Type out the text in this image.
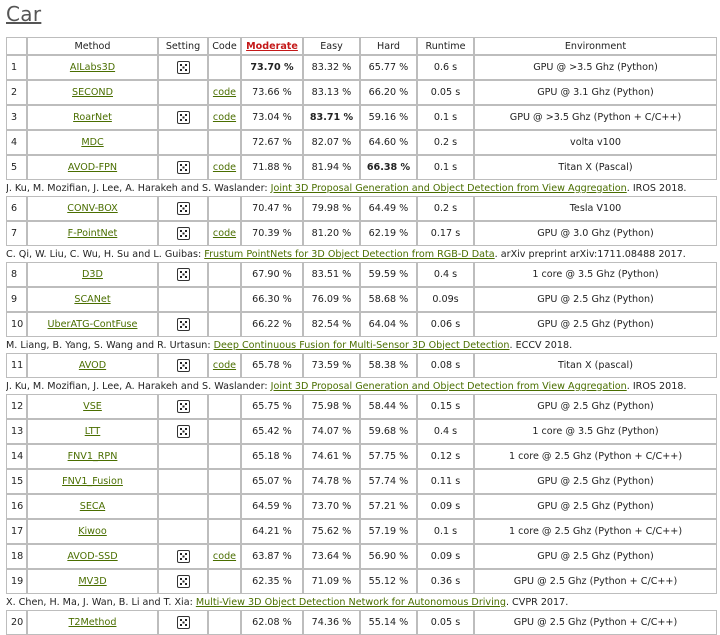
Car
	Method	Setting	Code	Moderate	Easy	Hard	Runtime	Environment
1	AILabs3D			73.70 %	83.32 %	65.77 %	0.6 s	GPU @ >3.5 Ghz (Python)
2	SECOND		code	73.66 %	83.13 %	66.20 %	0.05 s	GPU @ 3.1 Ghz (Python)
3	RoarNet		code	73.04 %	83.71 %	59.16 %	0.1 s	GPU @ >3.5 Ghz (Python + C/C++)
4	MDC			72.67 %	82.07 %	64.60 %	0.2 s	volta v100
5	AVOD-FPN		code	71.88 %	81.94 %	66.38 %	0.1 s	Titan X (Pascal)
J. Ku, M. Mozifian, J. Lee, A. Harakeh and S. Waslander: Joint 3D Proposal Generation and Object Detection from View Aggregation. IROS 2018.								
6	CONV-BOX			70.47 %	79.98 %	64.49 %	0.2 s	Tesla V100
7	F-PointNet		code	70.39 %	81.20 %	62.19 %	0.17 s	GPU @ 3.0 Ghz (Python)
C. Qi, W. Liu, C. Wu, H. Su and L. Guibas: Frustum PointNets for 3D Object Detection from RGB-D Data. arXiv preprint arXiv:1711.08488 2017.								
8	D3D			67.90 %	83.51 %	59.59 %	0.4 s	1 core @ 3.5 Ghz (Python)
9	SCANet			66.30 %	76.09 %	58.68 %	0.09s	GPU @ 2.5 Ghz (Python)
10	UberATG-ContFuse			66.22 %	82.54 %	64.04 %	0.06 s	GPU @ 2.5 Ghz (Python)
M. Liang, B. Yang, S. Wang and R. Urtasun: Deep Continuous Fusion for Multi-Sensor 3D Object Detection. ECCV 2018.								
11	AVOD		code	65.78 %	73.59 %	58.38 %	0.08 s	Titan X (pascal)
J. Ku, M. Mozifian, J. Lee, A. Harakeh and S. Waslander: Joint 3D Proposal Generation and Object Detection from View Aggregation. IROS 2018.								
12	VSE			65.75 %	75.98 %	58.44 %	0.15 s	GPU @ 2.5 Ghz (Python)
13	LTT			65.42 %	74.07 %	59.68 %	0.4 s	1 core @ 3.5 Ghz (Python)
14	FNV1_RPN			65.18 %	74.61 %	57.75 %	0.12 s	1 core @ 2.5 Ghz (Python + C/C++)
15	FNV1_Fusion			65.07 %	74.78 %	57.74 %	0.11 s	GPU @ 2.5 Ghz (Python)
16	SECA			64.59 %	73.70 %	57.21 %	0.09 s	GPU @ 2.5 Ghz (Python)
17	Kiwoo			64.21 %	75.62 %	57.19 %	0.1 s	1 core @ 2.5 Ghz (Python + C/C++)
18	AVOD-SSD		code	63.87 %	73.64 %	56.90 %	0.09 s	GPU @ 2.5 Ghz (Python)
19	MV3D			62.35 %	71.09 %	55.12 %	0.36 s	GPU @ 2.5 Ghz (Python + C/C++)
X. Chen, H. Ma, J. Wan, B. Li and T. Xia: Multi-View 3D Object Detection Network for Autonomous Driving. CVPR 2017.								
20	T2Method			62.08 %	74.36 %	55.14 %	0.05 s	GPU @ 2.5 Ghz (Python + C/C++)
